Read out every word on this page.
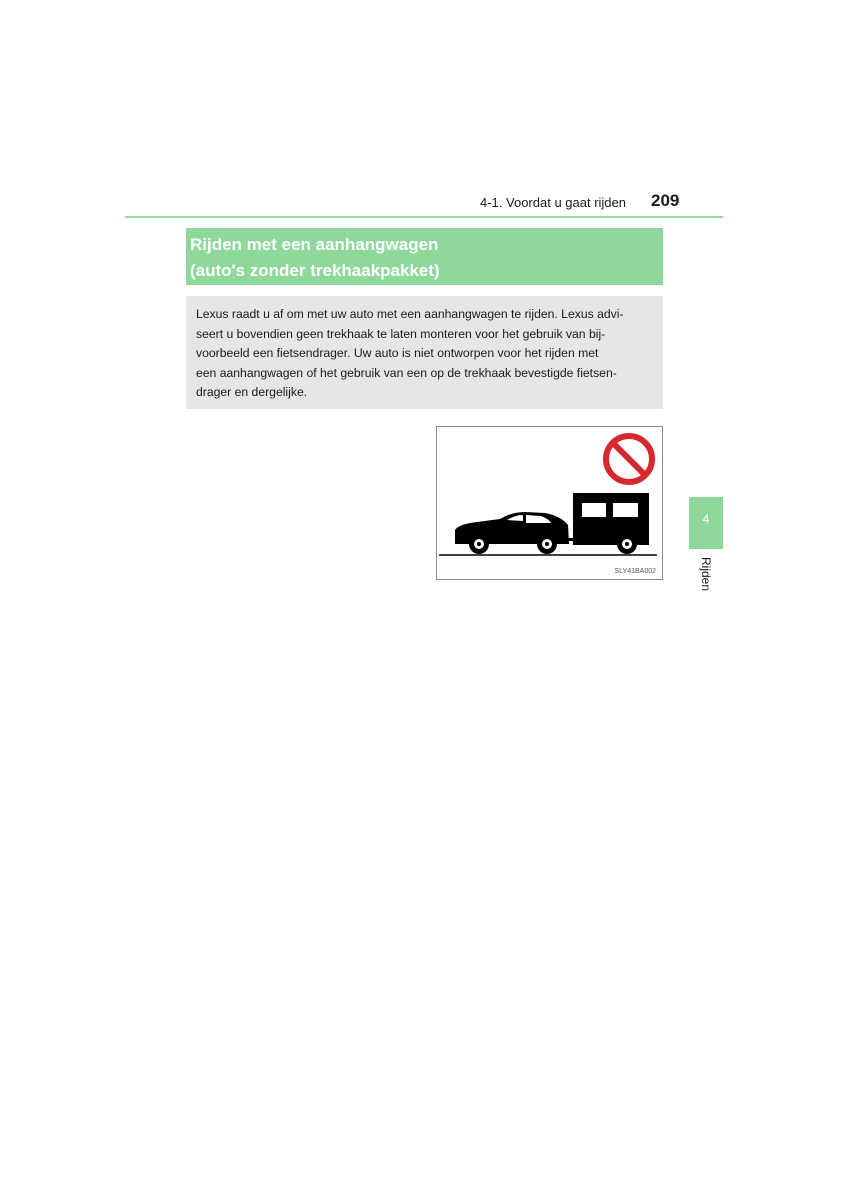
4-1. Voordat u gaat rijden 209
Rijden met een aanhangwagen
(auto's zonder trekhaakpakket)
Lexus raadt u af om met uw auto met een aanhangwagen te rijden. Lexus advi-
seert u bovendien geen trekhaak te laten monteren voor het gebruik van bij-
voorbeeld een fietsendrager. Uw auto is niet ontworpen voor het rijden met
een aanhangwagen of het gebruik van een op de trekhaak bevestigde fietsen-
drager en dergelijke.
SLY41BA002
4
Rijden
